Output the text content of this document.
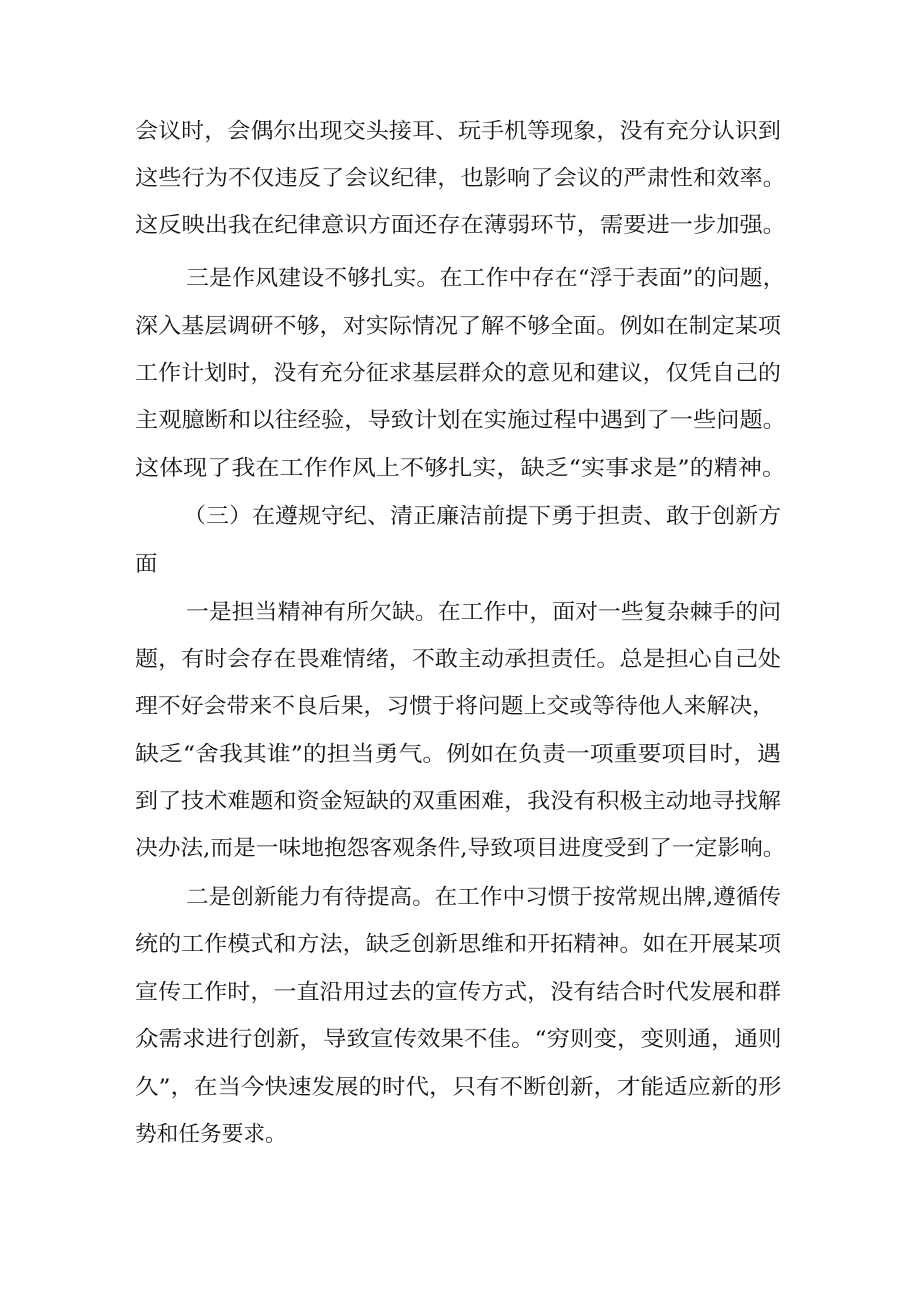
会议时，会偶尔出现交头接耳、玩手机等现象，没有充分认识到
这些行为不仅违反了会议纪律，也影响了会议的严肃性和效率。
这反映出我在纪律意识方面还存在薄弱环节，需要进一步加强。
三是作风建设不够扎实。在工作中存在“浮于表面”的问题，
深入基层调研不够，对实际情况了解不够全面。例如在制定某项
工作计划时，没有充分征求基层群众的意见和建议，仅凭自己的
主观臆断和以往经验，导致计划在实施过程中遇到了一些问题。
这体现了我在工作作风上不够扎实，缺乏“实事求是”的精神。
（三）在遵规守纪、清正廉洁前提下勇于担责、敢于创新方
面
一是担当精神有所欠缺。在工作中，面对一些复杂棘手的问
题，有时会存在畏难情绪，不敢主动承担责任。总是担心自己处
理不好会带来不良后果，习惯于将问题上交或等待他人来解决，
缺乏“舍我其谁”的担当勇气。例如在负责一项重要项目时，遇
到了技术难题和资金短缺的双重困难，我没有积极主动地寻找解
决办法,而是一味地抱怨客观条件,导致项目进度受到了一定影响。
二是创新能力有待提高。在工作中习惯于按常规出牌,遵循传
统的工作模式和方法，缺乏创新思维和开拓精神。如在开展某项
宣传工作时，一直沿用过去的宣传方式，没有结合时代发展和群
众需求进行创新，导致宣传效果不佳。“穷则变，变则通，通则
久”，在当今快速发展的时代，只有不断创新，才能适应新的形
势和任务要求。
